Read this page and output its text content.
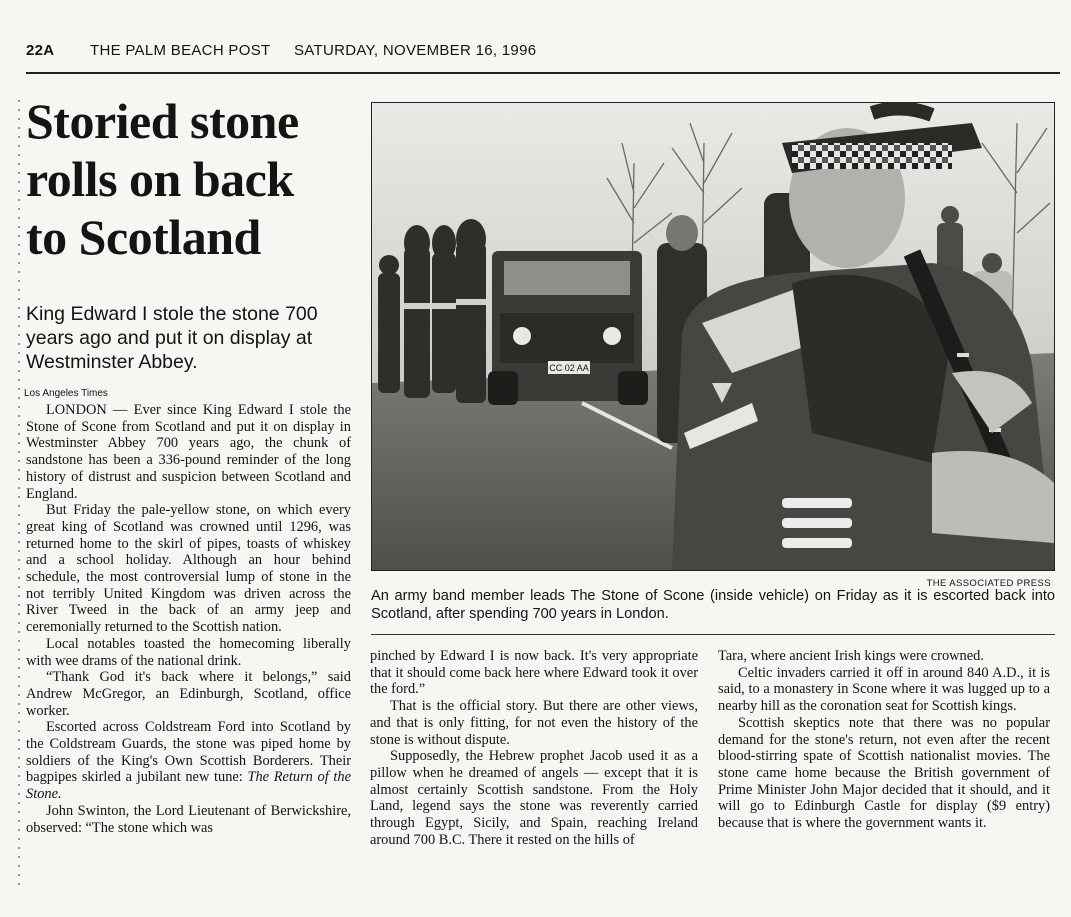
22A THE PALM BEACH POST SATURDAY, NOVEMBER 16, 1996
Storied stone
rolls on back
to Scotland
King Edward I stole the stone 700 years ago and put it on display at Westminster Abbey.
Los Angeles Times

LONDON — Ever since King Edward I stole the Stone of Scone from Scotland and put it on display in Westminster Abbey 700 years ago, the chunk of sandstone has been a 336-pound reminder of the long history of distrust and suspicion between Scotland and England.

But Friday the pale-yellow stone, on which every great king of Scotland was crowned until 1296, was returned home to the skirl of pipes, toasts of whiskey and a school holiday. Although an hour behind schedule, the most controversial lump of stone in the not terribly United Kingdom was driven across the River Tweed in the back of an army jeep and ceremonially returned to the Scottish nation.

Local notables toasted the homecoming liberally with wee drams of the national drink.

“Thank God it's back where it belongs,” said Andrew McGregor, an Edinburgh, Scotland, office worker.

Escorted across Coldstream Ford into Scotland by the Coldstream Guards, the stone was piped home by soldiers of the King's Own Scottish Borderers. Their bagpipes skirled a jubilant new tune: The Return of the Stone.

John Swinton, the Lord Lieutenant of Berwickshire, observed: “The stone which was

CC 02 AA
THE ASSOCIATED PRESS
An army band member leads The Stone of Scone (inside vehicle) on Friday as it is escorted back into Scotland, after spending 700 years in London.

pinched by Edward I is now back. It's very appropriate that it should come back here where Edward took it over the ford.”

That is the official story. But there are other views, and that is only fitting, for not even the history of the stone is without dispute.

Supposedly, the Hebrew prophet Jacob used it as a pillow when he dreamed of angels — except that it is almost certainly Scottish sandstone. From the Holy Land, legend says the stone was reverently carried through Egypt, Sicily, and Spain, reaching Ireland around 700 B.C. There it rested on the hills of

Tara, where ancient Irish kings were crowned.

Celtic invaders carried it off in around 840 A.D., it is said, to a monastery in Scone where it was lugged up to a nearby hill as the coronation seat for Scottish kings.

Scottish skeptics note that there was no popular demand for the stone's return, not even after the recent blood-stirring spate of Scottish nationalist movies. The stone came home because the British government of Prime Minister John Major decided that it should, and it will go to Edinburgh Castle for display ($9 entry) because that is where the government wants it.
